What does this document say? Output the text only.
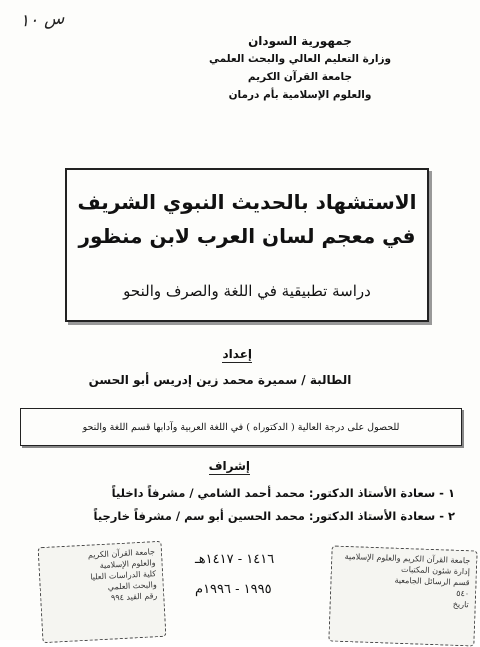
س ١٠
جمهورية السودان
وزارة التعليم العالي والبحث العلمي
جامعة القرآن الكريم
والعلوم الإسلامية بأم درمان
الاستشهاد بالحديث النبوي الشريف
في معجم لسان العرب لابن منظور
دراسة تطبيقية في اللغة والصرف والنحو
إعداد
الطالبة / سميرة محمد زين إدريس أبو الحسن
للحصول على درجة العالية ( الدكتوراه ) في اللغة العربية وآدابها قسم اللغة والنحو
إشراف
١ - سعادة الأستاذ الدكتور: محمد أحمد الشامي / مشرفاً داخلياً
٢ - سعادة الأستاذ الدكتور: محمد الحسين أبو سم / مشرفاً خارجياً
١٤١٦ - ١٤١٧هـ
١٩٩٥ - ١٩٩٦م
جامعة القرآن الكريم
والعلوم الإسلامية
كلية الدراسات العليا
والبحث العلمي
رقم القيد ٩٩٤
جامعة القرآن الكريم والعلوم الإسلامية
إدارة شئون المكتبات
قسم الرسائل الجامعية
٥٤٠
تاريخ
